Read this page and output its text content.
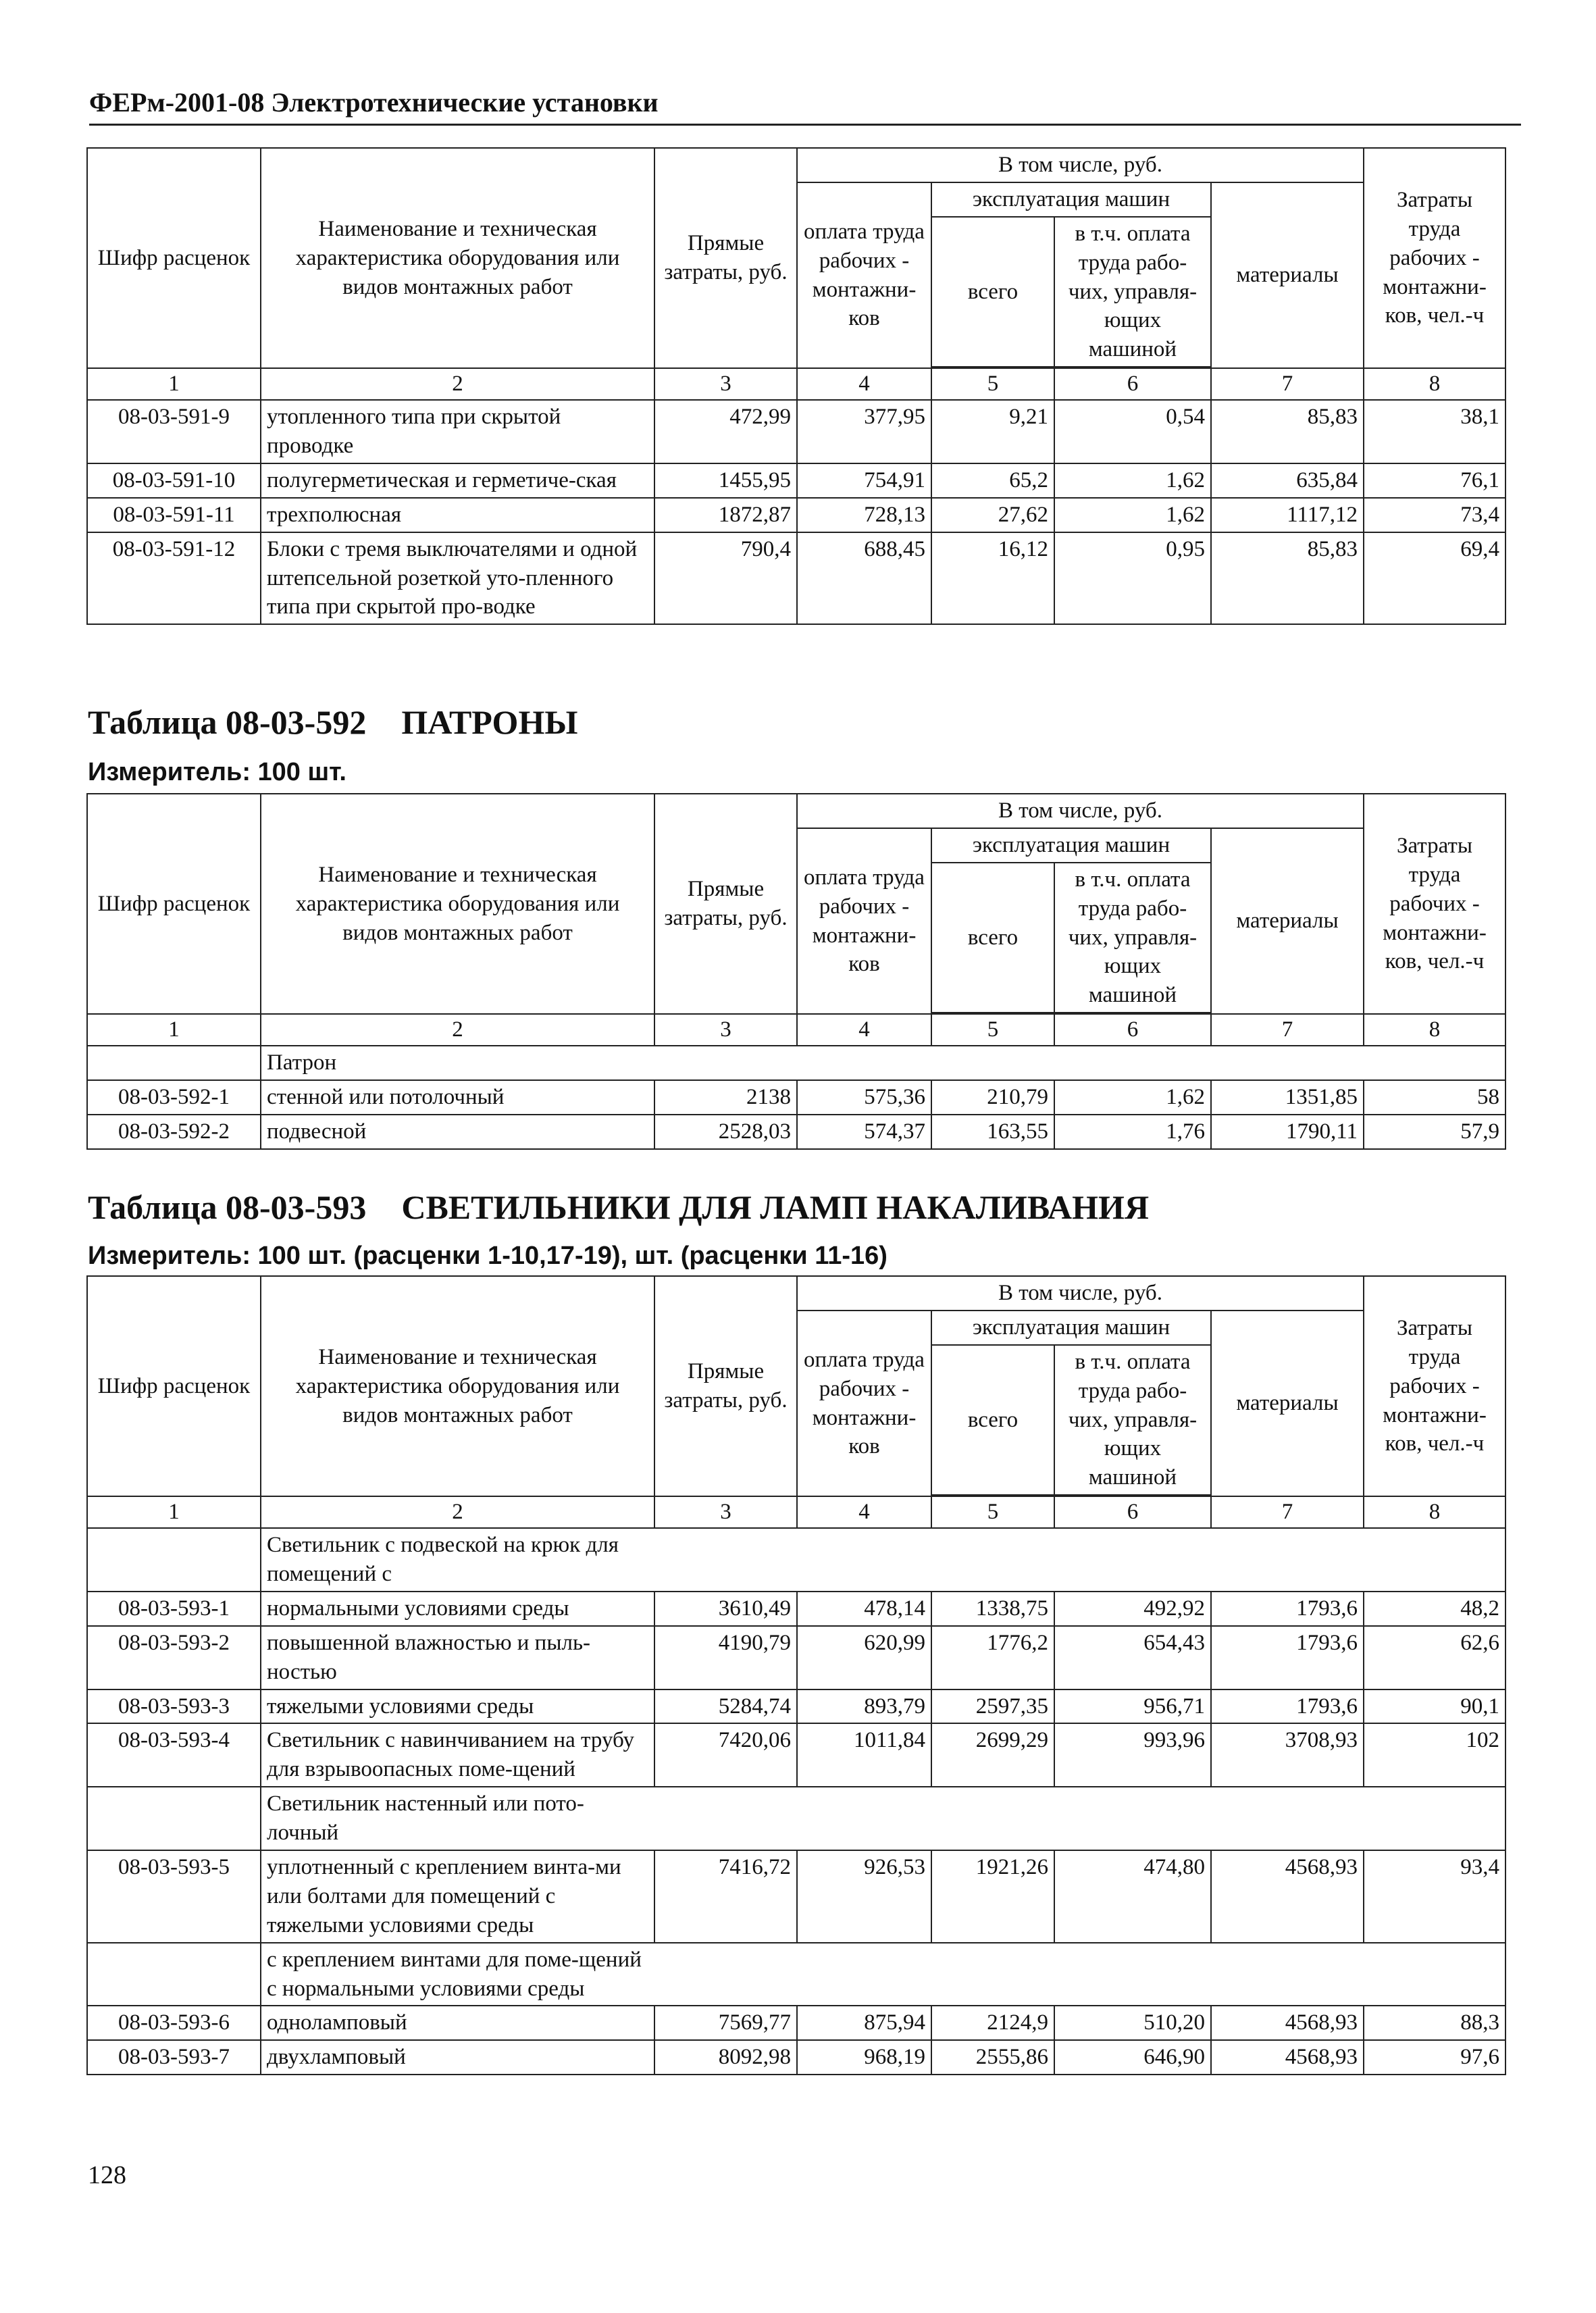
ФЕРм-2001-08 Электротехнические установки
Шифр расценок	Наименование и техническая характеристика оборудования или видов монтажных работ	Прямые затраты, руб.	В том числе, руб.				Затраты труда рабочих - монтажни-ков, чел.-ч
			оплата труда рабочих - монтажни-ков	эксплуатация машин		материалы	
				всего	в т.ч. оплата труда рабо-чих, управля-ющих машиной		

1	2	3	4	5	6	7	8
08-03-591-9	утопленного типа при скрытой проводке	472,99	377,95	9,21	0,54	85,83	38,1
08-03-591-10	полугерметическая и герметиче-ская	1455,95	754,91	65,2	1,62	635,84	76,1
08-03-591-11	трехполюсная	1872,87	728,13	27,62	1,62	1117,12	73,4
08-03-591-12	Блоки с тремя выключателями и одной штепсельной розеткой уто-пленного типа при скрытой про-водке	790,4	688,45	16,12	0,95	85,83	69,4
Таблица 08-03-592 ПАТРОНЫ
Измеритель: 100 шт.
Шифр расценок	Наименование и техническая характеристика оборудования или видов монтажных работ	Прямые затраты, руб.	В том числе, руб.				Затраты труда рабочих - монтажни-ков, чел.-ч
			оплата труда рабочих - монтажни-ков	эксплуатация машин		материалы	
				всего	в т.ч. оплата труда рабо-чих, управля-ющих машиной		

1	2	3	4	5	6	7	8
	Патрон						
08-03-592-1	стенной или потолочный	2138	575,36	210,79	1,62	1351,85	58
08-03-592-2	подвесной	2528,03	574,37	163,55	1,76	1790,11	57,9
Таблица 08-03-593 СВЕТИЛЬНИКИ ДЛЯ ЛАМП НАКАЛИВАНИЯ
Измеритель: 100 шт. (расценки 1-10,17-19), шт. (расценки 11-16)
Шифр расценок	Наименование и техническая характеристика оборудования или видов монтажных работ	Прямые затраты, руб.	В том числе, руб.				Затраты труда рабочих - монтажни-ков, чел.-ч
			оплата труда рабочих - монтажни-ков	эксплуатация машин		материалы	
				всего	в т.ч. оплата труда рабо-чих, управля-ющих машиной		

1	2	3	4	5	6	7	8

	Светильник с подвеской на крюк для помещений с						

08-03-593-1	нормальными условиями среды	3610,49	478,14	1338,75	492,92	1793,6	48,2
08-03-593-2	повышенной влажностью и пыль-ностью	4190,79	620,99	1776,2	654,43	1793,6	62,6
08-03-593-3	тяжелыми условиями среды	5284,74	893,79	2597,35	956,71	1793,6	90,1
08-03-593-4	Светильник с навинчиванием на трубу для взрывоопасных поме-щений	7420,06	1011,84	2699,29	993,96	3708,93	102

	Светильник настенный или пото-лочный						

08-03-593-5	уплотненный с креплением винта-ми или болтами для помещений с тяжелыми условиями среды	7416,72	926,53	1921,26	474,80	4568,93	93,4

	с креплением винтами для поме-щений с нормальными условиями среды						

08-03-593-6	одноламповый	7569,77	875,94	2124,9	510,20	4568,93	88,3
08-03-593-7	двухламповый	8092,98	968,19	2555,86	646,90	4568,93	97,6
128
